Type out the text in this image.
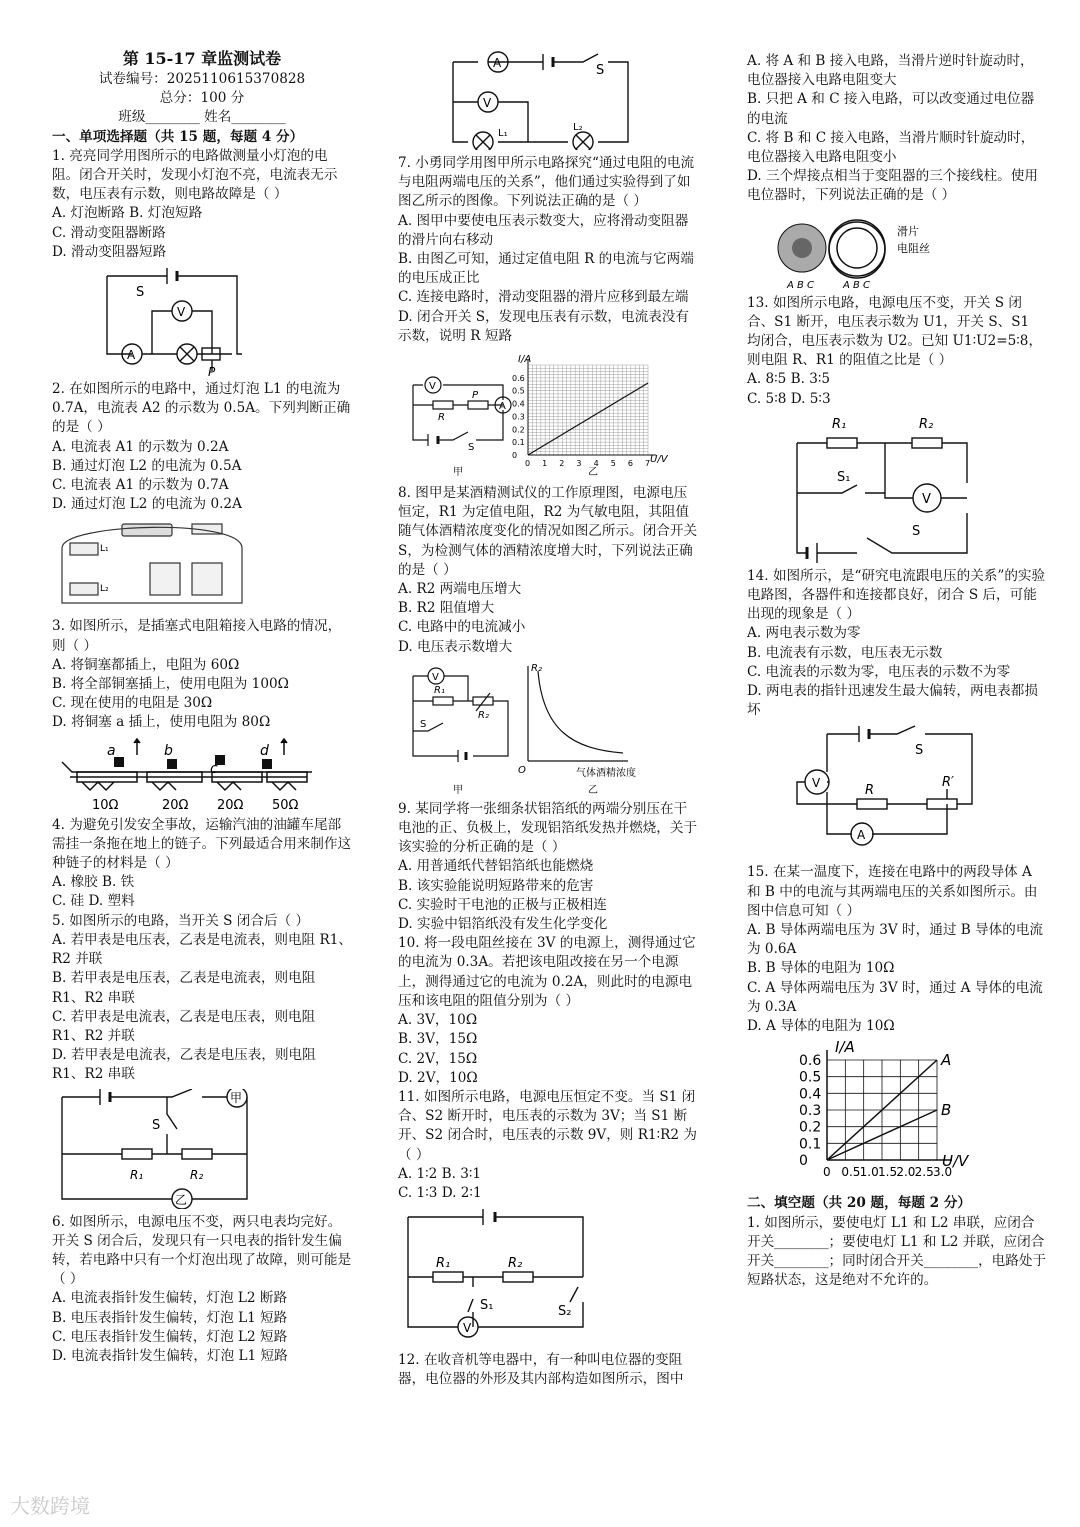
第 15-17 章监测试卷

试卷编号：2025110615370828

总分：100 分

班级________ 姓名________

一、单项选择题（共 15 题，每题 4 分）

1. 亮亮同学用图所示的电路做测量小灯泡的电阻。闭合开关时，发现小灯泡不亮，电流表无示数，电压表有示数，则电路故障是（ ）

A. 灯泡断路 B. 灯泡短路

C. 滑动变阻器断路

D. 滑动变阻器短路

S
V
A
P

2. 在如图所示的电路中，通过灯泡 L1 的电流为 0.7A，电流表 A2 的示数为 0.5A。下列判断正确的是（ ）

A. 电流表 A1 的示数为 0.2A

B. 通过灯泡 L2 的电流为 0.5A

C. 电流表 A1 的示数为 0.7A

D. 通过灯泡 L2 的电流为 0.2A

L₁
L₂

3. 如图所示，是插塞式电阻箱接入电路的情况，则（ ）

A. 将铜塞都插上，电阻为 60Ω

B. 将全部铜塞插上，使用电阻为 100Ω

C. 现在使用的电阻是 30Ω

D. 将铜塞 a 插上，使用电阻为 80Ω

a	b
c
d
10Ω	20Ω 20Ω 50Ω

4. 为避免引发安全事故，运输汽油的油罐车尾部需挂一条拖在地上的链子。下列最适合用来制作这种链子的材料是（ ）

A. 橡胶 B. 铁

C. 硅 D. 塑料

5. 如图所示的电路，当开关 S 闭合后（ ）

A. 若甲表是电压表，乙表是电流表，则电阻 R1、R2 并联

B. 若甲表是电压表，乙表是电流表，则电阻 R1、R2 串联

C. 若甲表是电流表，乙表是电压表，则电阻 R1、R2 并联

D. 若甲表是电流表，乙表是电压表，则电阻 R1、R2 串联

S
甲
乙
R₁	R₂

6. 如图所示，电源电压不变，两只电表均完好。开关 S 闭合后，发现只有一只电表的指针发生偏转，若电路中只有一个灯泡出现了故障，则可能是（ ）

A. 电流表指针发生偏转，灯泡 L2 断路

B. 电压表指针发生偏转，灯泡 L1 短路

C. 电压表指针发生偏转，灯泡 L2 短路

D. 电流表指针发生偏转，灯泡 L1 短路

A
V
S
L₁
L₂

7. 小勇同学用图甲所示电路探究“通过电阻的电流与电阻两端电压的关系”，他们通过实验得到了如图乙所示的图像。下列说法正确的是（ ）

A. 图甲中要使电压表示数变大，应将滑动变阻器的滑片向右移动

B. 由图乙可知，通过定值电阻 R 的电流与它两端的电压成正比

C. 连接电路时，滑动变阻器的滑片应移到最左端

D. 闭合开关 S，发现电压表有示数，电流表没有示数，说明 R 短路

V
A
R
P
S
甲
0 1 2 3 4 5 6 7
0
0.1
0.2
0.3
0.4
0.5
0.6
I/A
U/V
乙

8. 图甲是某酒精测试仪的工作原理图，电源电压恒定，R1 为定值电阻，R2 为气敏电阻，其阻值随气体酒精浓度变化的情况如图乙所示。闭合开关 S，为检测气体的酒精浓度增大时，下列说法正确的是（ ）

A. R2 两端电压增大

B. R2 阻值增大

C. 电路中的电流减小

D. 电压表示数增大

V
R₁
R₂
S
R₂
O	气体酒精浓度
甲	乙

9. 某同学将一张细条状铝箔纸的两端分别压在干电池的正、负极上，发现铝箔纸发热并燃烧，关于该实验的分析正确的是（ ）

A. 用普通纸代替铝箔纸也能燃烧

B. 该实验能说明短路带来的危害

C. 实验时干电池的正极与正极相连

D. 实验中铝箔纸没有发生化学变化

10. 将一段电阻丝接在 3V 的电源上，测得通过它的电流为 0.3A。若把该电阻改接在另一个电源上，测得通过它的电流为 0.2A，则此时的电源电压和该电阻的阻值分别为（ ）

A. 3V，10Ω

B. 3V，15Ω

C. 2V，15Ω

D. 2V，10Ω

11. 如图所示电路，电源电压恒定不变。当 S1 闭合、S2 断开时，电压表的示数为 3V；当 S1 断开、S2 闭合时，电压表的示数 9V，则 R1∶R2 为（ ）

A. 1∶2 B. 3∶1

C. 1∶3 D. 2∶1

R₁	R₂
S₁	S₂
V

12. 在收音机等电器中，有一种叫电位器的变阻器，电位器的外形及其内部构造如图所示，图中

A. 将 A 和 B 接入电路，当滑片逆时针旋动时，电位器接入电路电阻变大

B. 只把 A 和 C 接入电路，可以改变通过电位器的电流

C. 将 B 和 C 接入电路，当滑片顺时针旋动时，电位器接入电路电阻变小

D. 三个焊接点相当于变阻器的三个接线柱。使用电位器时，下列说法正确的是（ ）

滑片
电阻丝
A B C	A B C

13. 如图所示电路，电源电压不变，开关 S 闭合、S1 断开，电压表示数为 U1，开关 S、S1 均闭合，电压表示数为 U2。已知 U1∶U2=5∶8，则电阻 R、R1 的阻值之比是（ ）

A. 8∶5 B. 3∶5

C. 5∶8 D. 5∶3

R₁	R₂
S₁
V
S

14. 如图所示，是“研究电流跟电压的关系”的实验电路图，各器件和连接都良好，闭合 S 后，可能出现的现象是（ ）

A. 两电表示数为零

B. 电流表有示数，电压表无示数

C. 电流表的示数为零，电压表的示数不为零

D. 两电表的指针迅速发生最大偏转，两电表都损坏

S
V	R
R′
A

15. 在某一温度下，连接在电路中的两段导体 A 和 B 中的电流与其两端电压的关系如图所示。由图中信息可知（ ）

A. B 导体两端电压为 3V 时，通过 B 导体的电流为 0.6A

B. B 导体的电阻为 10Ω

C. A 导体两端电压为 3V 时，通过 A 导体的电流为 0.3A

D. A 导体的电阻为 10Ω

0
0.1
0.2
0.3
0.4
0.5
0.6
0 0.5 1.0 1.5 2.0 2.5 3.0
A
B
I/A
U/V

二、填空题（共 20 题，每题 2 分）

1. 如图所示，要使电灯 L1 和 L2 串联，应闭合开关________；要使电灯 L1 和 L2 并联，应闭合开关________；同时闭合开关________，电路处于短路状态，这是绝对不允许的。

大数跨境
